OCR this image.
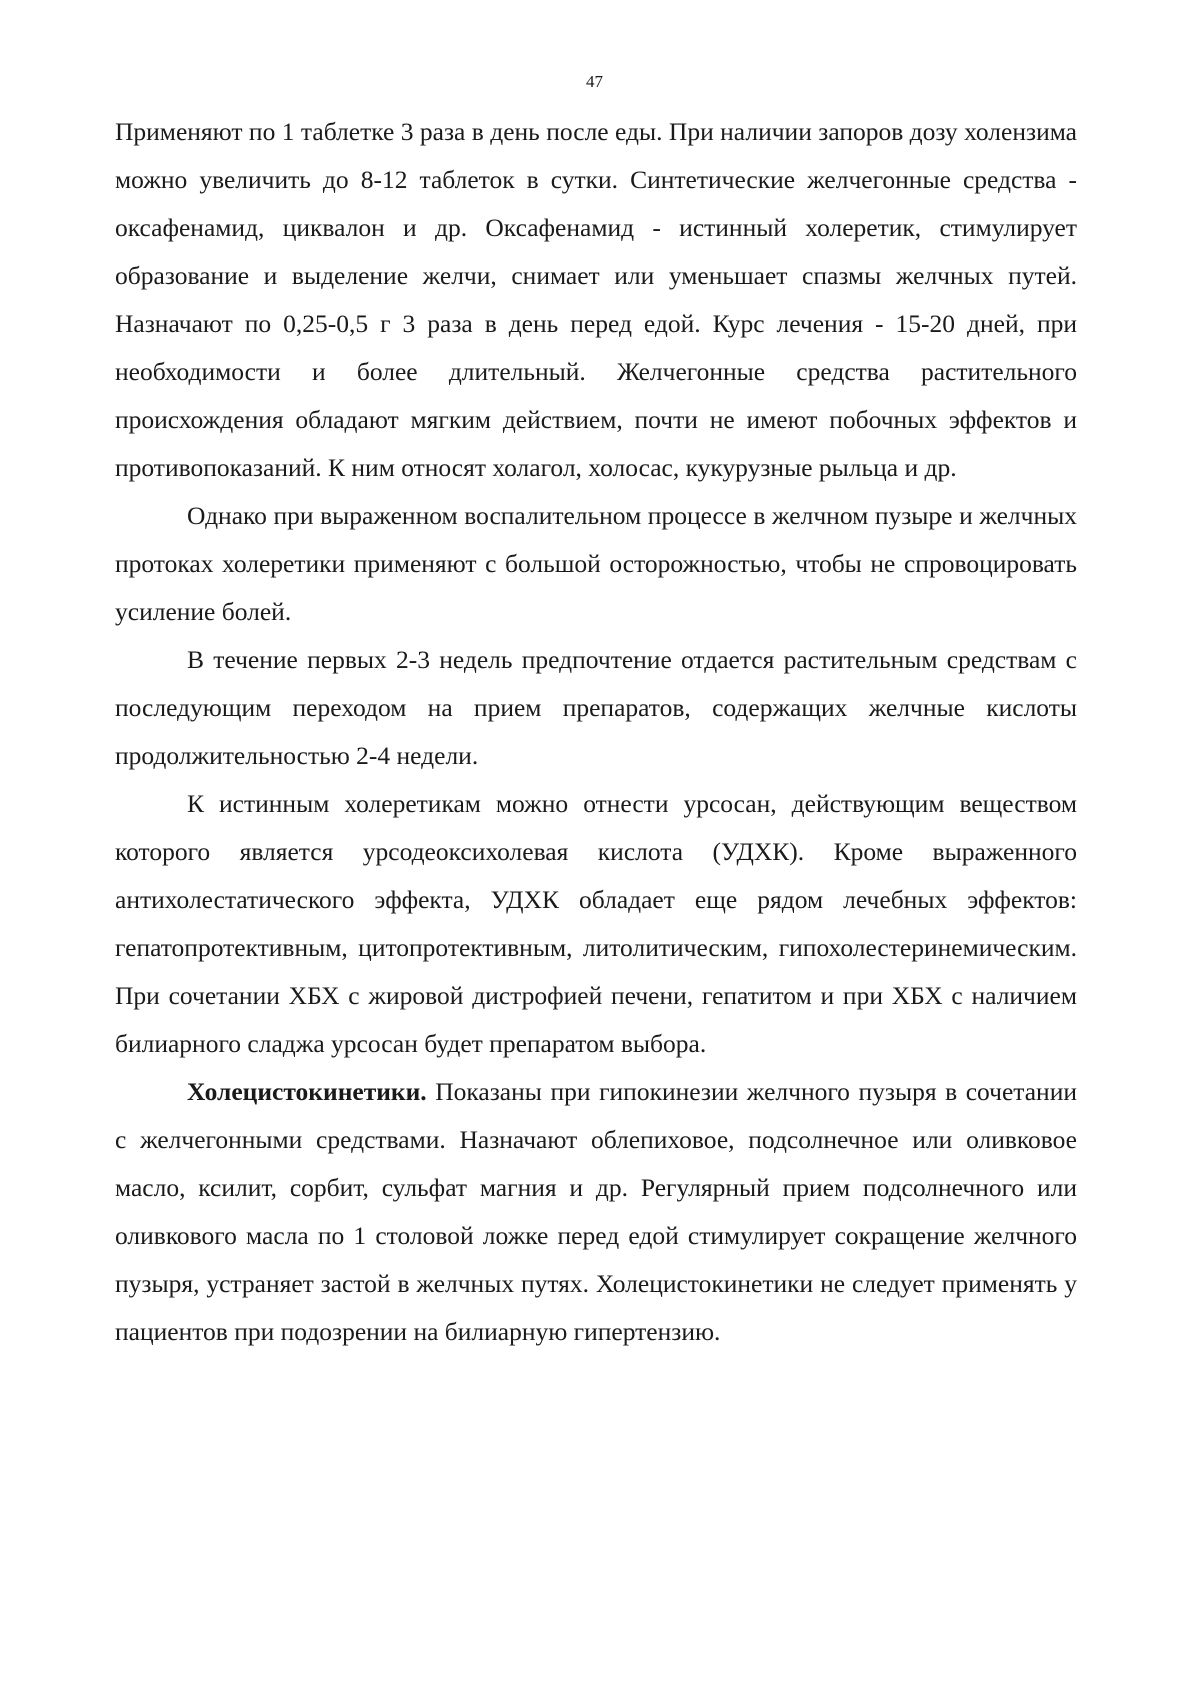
47

Применяют по 1 таблетке 3 раза в день после еды. При наличии запоров дозу холензима можно увеличить до 8-12 таблеток в сутки. Синтетические желчегонные средства - оксафенамид, циквалон и др. Оксафенамид - истинный холеретик, стимулирует образование и выделение желчи, снимает или уменьшает спазмы желчных путей. Назначают по 0,25-0,5 г 3 раза в день перед едой. Курс лечения - 15-20 дней, при необходимости и более длительный. Желчегонные средства растительного происхождения обладают мягким действием, почти не имеют побочных эффектов и противопоказаний. К ним относят холагол, холосас, кукурузные рыльца и др.

Однако при выраженном воспалительном процессе в желчном пузыре и желчных протоках холеретики применяют с большой осторожностью, чтобы не спровоцировать усиление болей.

В течение первых 2-3 недель предпочтение отдается растительным средствам с последующим переходом на прием препаратов, содержащих желчные кислоты продолжительностью 2-4 недели.

К истинным холеретикам можно отнести урсосан, действующим веществом которого является урсодеоксихолевая кислота (УДХК). Кроме выраженного антихолестатического эффекта, УДХК обладает еще рядом лечебных эффектов: гепатопротективным, цитопротективным, литолитическим, гипохолестеринемическим. При сочетании ХБХ с жировой дистрофией печени, гепатитом и при ХБХ с наличием билиарного сладжа урсосан будет препаратом выбора.

Холецистокинетики. Показаны при гипокинезии желчного пузыря в сочетании с желчегонными средствами. Назначают облепиховое, подсолнечное или оливковое масло, ксилит, сорбит, сульфат магния и др. Регулярный прием подсолнечного или оливкового масла по 1 столовой ложке перед едой стимулирует сокращение желчного пузыря, устраняет застой в желчных путях. Холецистокинетики не следует применять у пациентов при подозрении на билиарную гипертензию.
